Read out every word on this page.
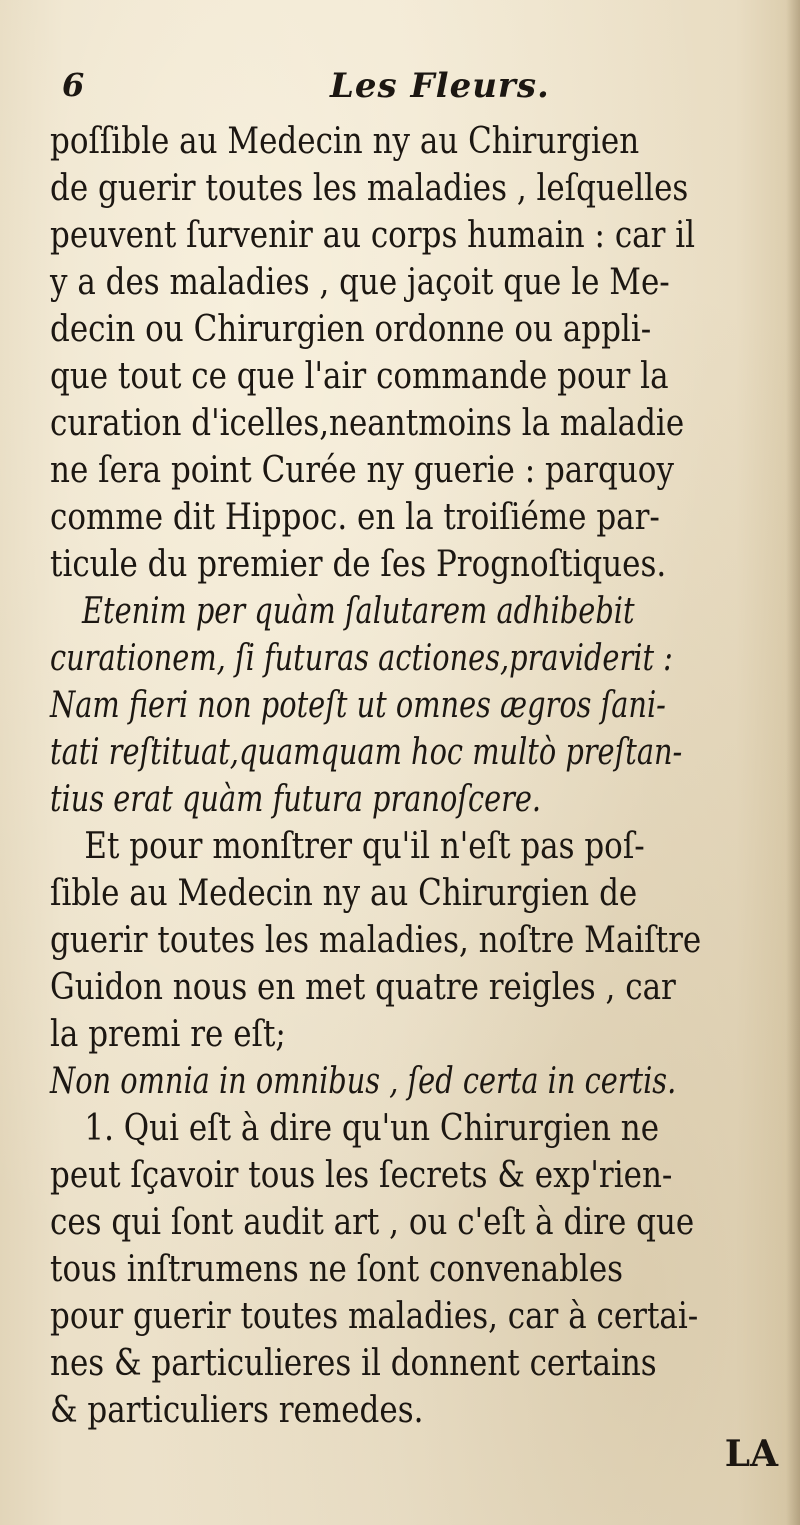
6	Les Fleurs.
poſſible au Medecin ny au Chirurgien
de guerir toutes les maladies , leſquelles
peuvent ſurvenir au corps humain : car il
y a des maladies , que jaçoit que le Me-
decin ou Chirurgien ordonne ou appli-
que tout ce que l'air commande pour la
curation d'icelles,neantmoins la maladie
ne ſera point Curée ny guerie : parquoy
comme dit Hippoc. en la troiſiéme par-
ticule du premier de ſes Prognoſtiques.
Etenim per quàm ſalutarem adhibebit
curationem, ſi futuras actiones,praviderit :
Nam fieri non poteſt ut omnes ægros ſani-
tati reſtituat,quamquam hoc multò preſtan-
tius erat quàm futura pranoſcere.
Et pour monſtrer qu'il n'eſt pas poſ-
ſible au Medecin ny au Chirurgien de
guerir toutes les maladies, noſtre Maiſtre
Guidon nous en met quatre reigles , car
la premi re eſt;
Non omnia in omnibus , ſed certa in certis.
1. Qui eſt à dire qu'un Chirurgien ne
peut ſçavoir tous les ſecrets & exp'rien-
ces qui ſont audit art , ou c'eſt à dire que
tous inſtrumens ne ſont convenables
pour guerir toutes maladies, car à certai-
nes & particulieres il donnent certains
& particuliers remedes.
LA
